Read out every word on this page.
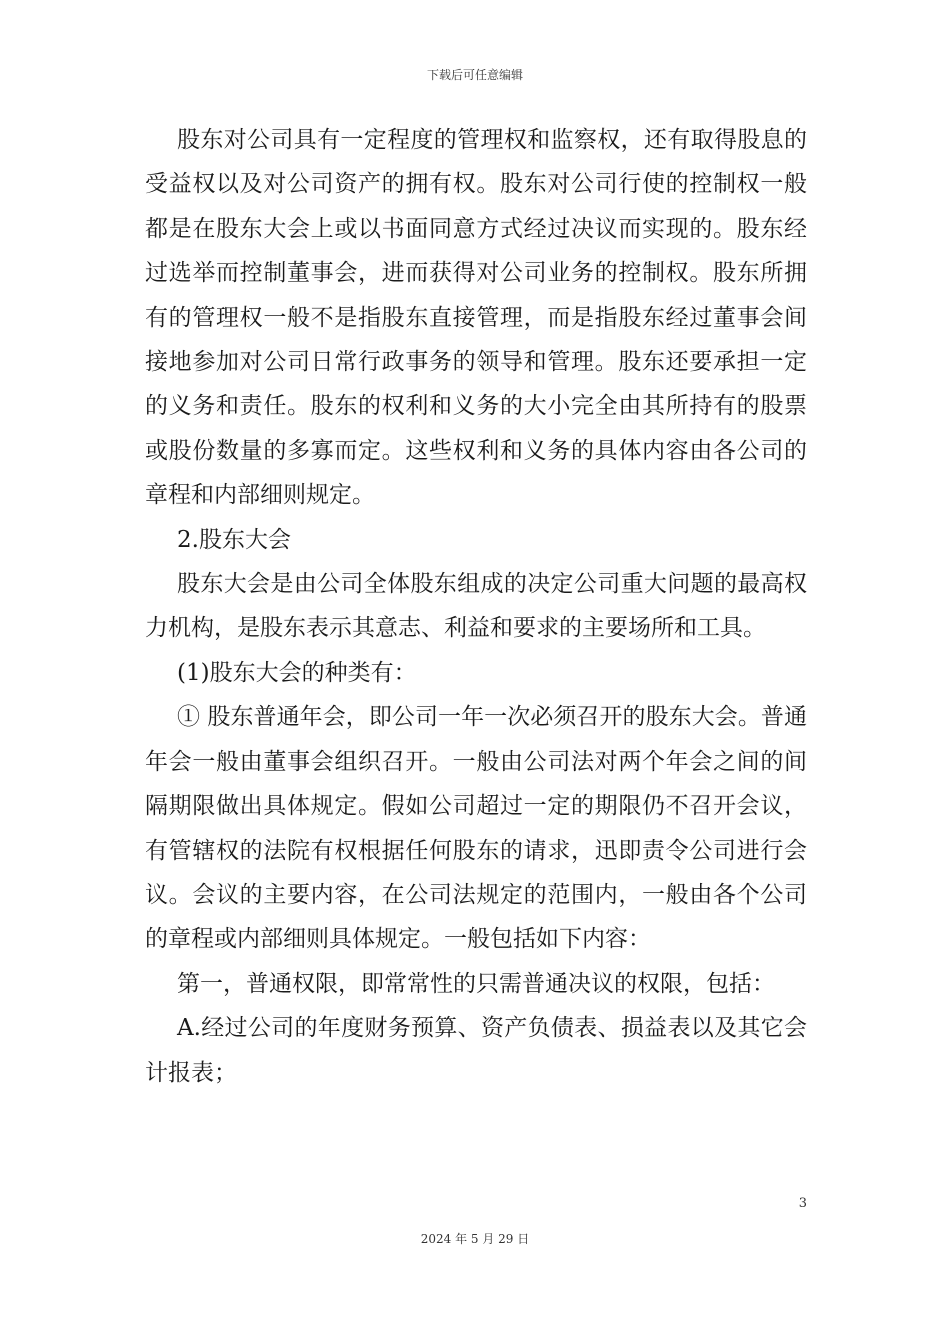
下载后可任意编辑

股东对公司具有一定程度的管理权和监察权，还有取得股息的受益权以及对公司资产的拥有权。股东对公司行使的控制权一般都是在股东大会上或以书面同意方式经过决议而实现的。股东经过选举而控制董事会，进而获得对公司业务的控制权。股东所拥有的管理权一般不是指股东直接管理，而是指股东经过董事会间接地参加对公司日常行政事务的领导和管理。股东还要承担一定的义务和责任。股东的权利和义务的大小完全由其所持有的股票或股份数量的多寡而定。这些权利和义务的具体内容由各公司的章程和内部细则规定。

2.股东大会

股东大会是由公司全体股东组成的决定公司重大问题的最高权力机构，是股东表示其意志、利益和要求的主要场所和工具。

(1)股东大会的种类有：

① 股东普通年会，即公司一年一次必须召开的股东大会。普通年会一般由董事会组织召开。一般由公司法对两个年会之间的间隔期限做出具体规定。假如公司超过一定的期限仍不召开会议，有管辖权的法院有权根据任何股东的请求，迅即责令公司进行会议。会议的主要内容，在公司法规定的范围内，一般由各个公司的章程或内部细则具体规定。一般包括如下内容：

第一，普通权限，即常常性的只需普通决议的权限，包括：

A.经过公司的年度财务预算、资产负债表、损益表以及其它会计报表；

3
2024 年 5 月 29 日
